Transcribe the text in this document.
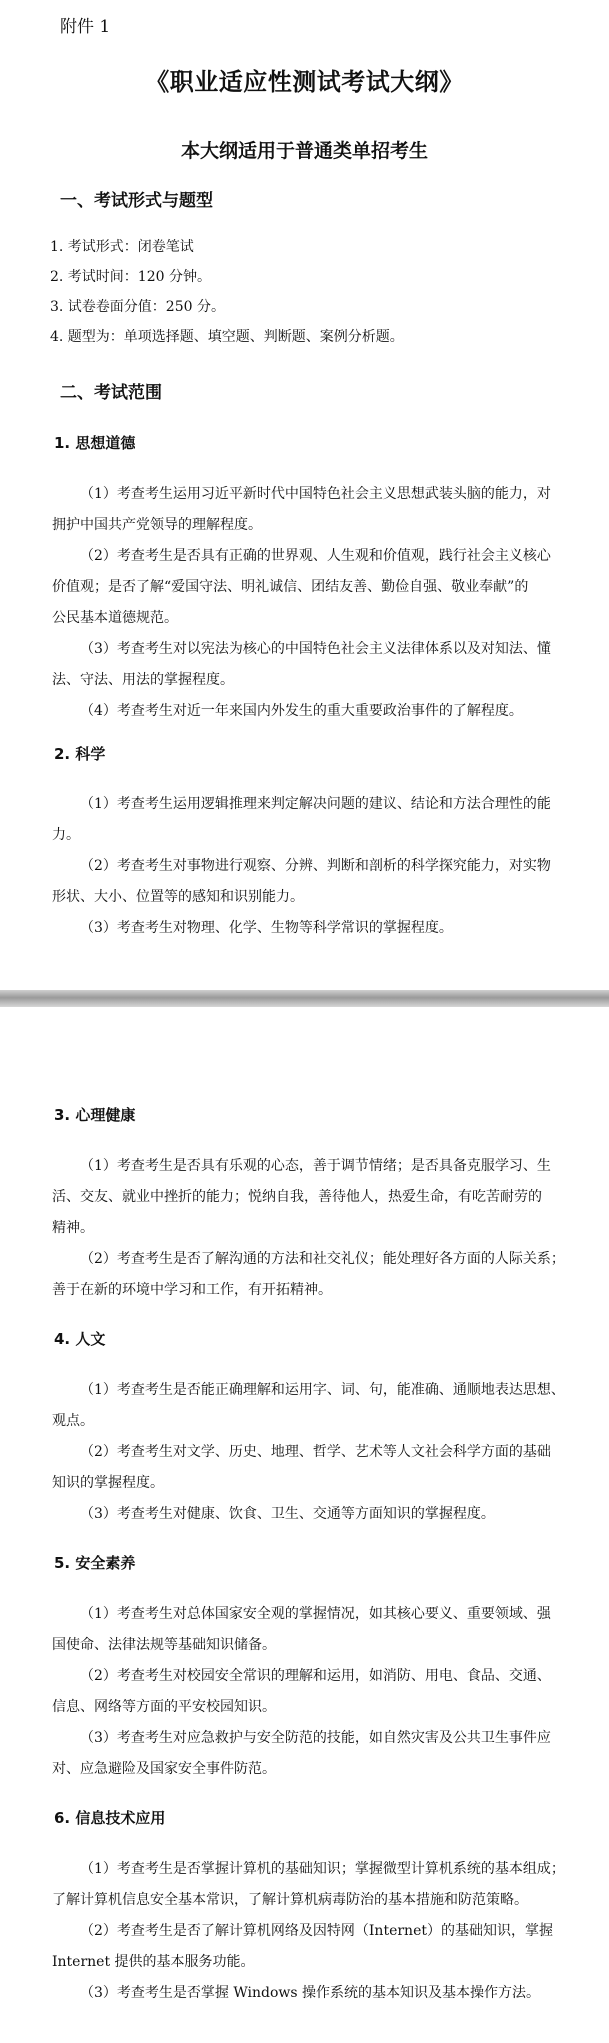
附件 1
《职业适应性测试考试大纲》
本大纲适用于普通类单招考生
一、考试形式与题型
1. 考试形式：闭卷笔试
2. 考试时间：120 分钟。
3. 试卷卷面分值：250 分。
4. 题型为：单项选择题、填空题、判断题、案例分析题。
二、考试范围
1. 思想道德
（1）考查考生运用习近平新时代中国特色社会主义思想武装头脑的能力，对
拥护中国共产党领导的理解程度。
（2）考查考生是否具有正确的世界观、人生观和价值观，践行社会主义核心
价值观；是否了解“爱国守法、明礼诚信、团结友善、勤俭自强、敬业奉献”的
公民基本道德规范。
（3）考查考生对以宪法为核心的中国特色社会主义法律体系以及对知法、懂
法、守法、用法的掌握程度。
（4）考查考生对近一年来国内外发生的重大重要政治事件的了解程度。
2. 科学
（1）考查考生运用逻辑推理来判定解决问题的建议、结论和方法合理性的能
力。
（2）考查考生对事物进行观察、分辨、判断和剖析的科学探究能力，对实物
形状、大小、位置等的感知和识别能力。
（3）考查考生对物理、化学、生物等科学常识的掌握程度。
3. 心理健康
（1）考查考生是否具有乐观的心态，善于调节情绪；是否具备克服学习、生
活、交友、就业中挫折的能力；悦纳自我，善待他人，热爱生命，有吃苦耐劳的
精神。
（2）考查考生是否了解沟通的方法和社交礼仪；能处理好各方面的人际关系；
善于在新的环境中学习和工作，有开拓精神。
4. 人文
（1）考查考生是否能正确理解和运用字、词、句，能准确、通顺地表达思想、
观点。
（2）考查考生对文学、历史、地理、哲学、艺术等人文社会科学方面的基础
知识的掌握程度。
（3）考查考生对健康、饮食、卫生、交通等方面知识的掌握程度。
5. 安全素养
（1）考查考生对总体国家安全观的掌握情况，如其核心要义、重要领域、强
国使命、法律法规等基础知识储备。
（2）考查考生对校园安全常识的理解和运用，如消防、用电、食品、交通、
信息、网络等方面的平安校园知识。
（3）考查考生对应急救护与安全防范的技能，如自然灾害及公共卫生事件应
对、应急避险及国家安全事件防范。
6. 信息技术应用
（1）考查考生是否掌握计算机的基础知识；掌握微型计算机系统的基本组成；
了解计算机信息安全基本常识，了解计算机病毒防治的基本措施和防范策略。
（2）考查考生是否了解计算机网络及因特网（Internet）的基础知识，掌握
Internet 提供的基本服务功能。
（3）考查考生是否掌握 Windows 操作系统的基本知识及基本操作方法。
